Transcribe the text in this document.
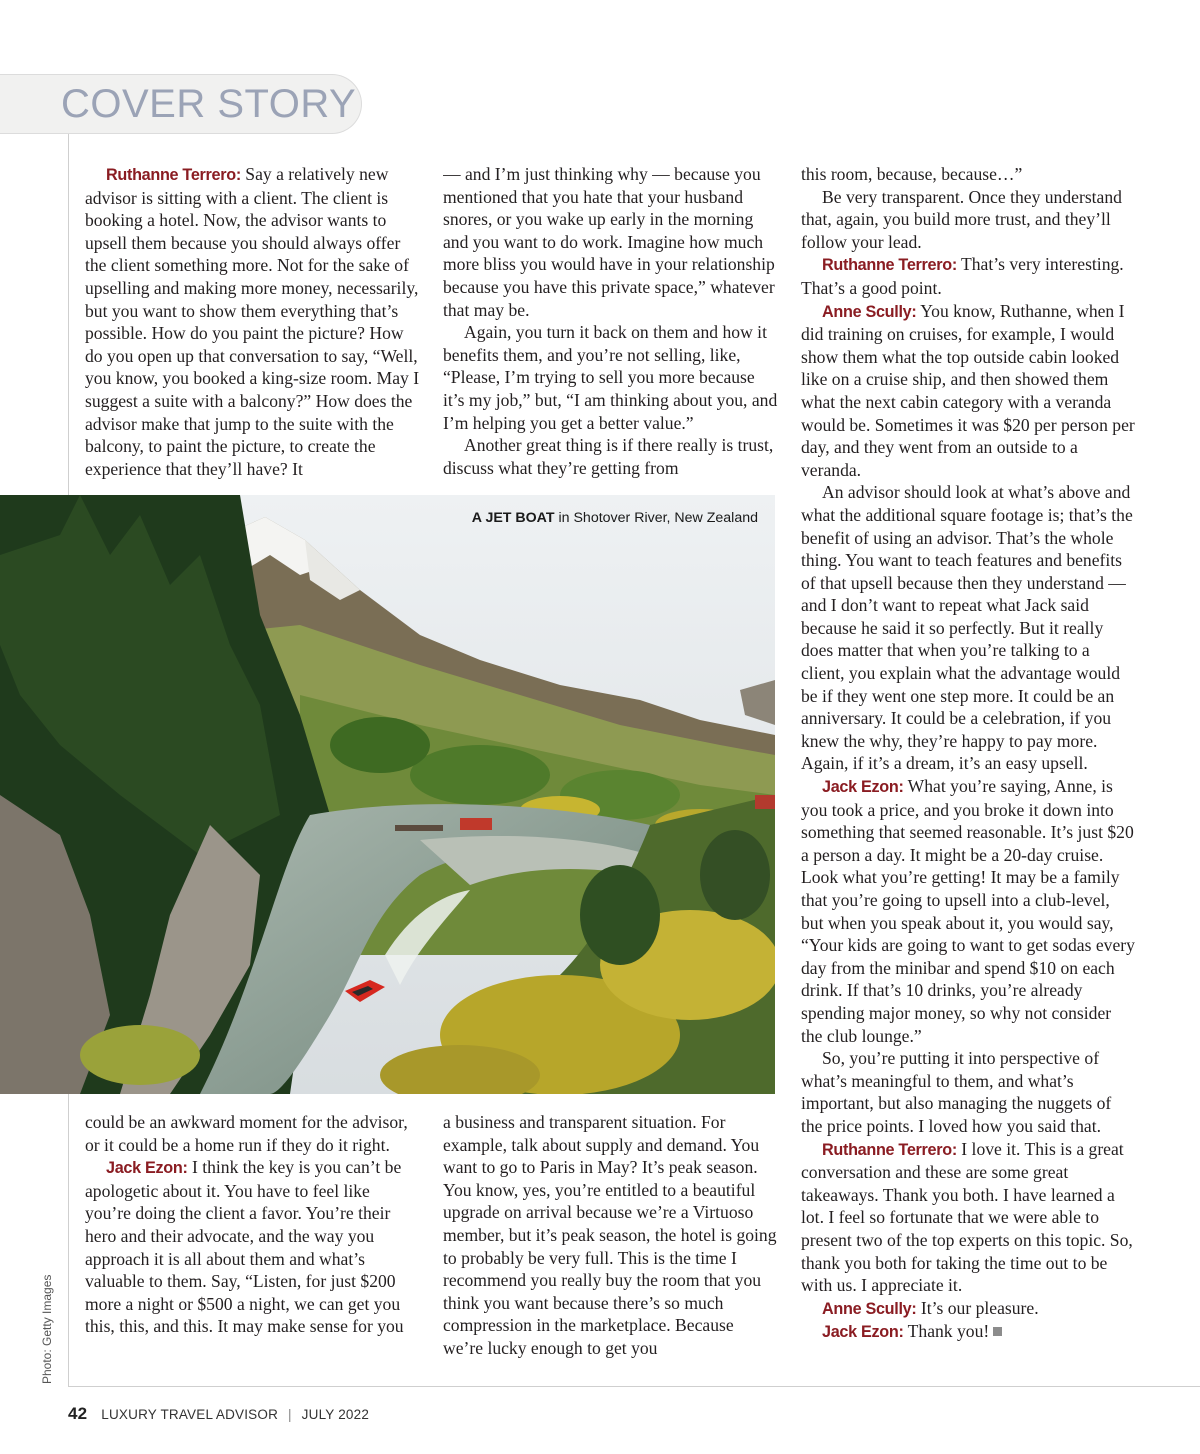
COVER STORY

Ruthanne Terrero: Say a relatively new advisor is sitting with a client. The client is booking a hotel. Now, the advisor wants to upsell them because you should always offer the client something more. Not for the sake of upselling and making more money, necessarily, but you want to show them everything that’s possible. How do you paint the picture? How do you open up that conversation to say, “Well, you know, you booked a king-size room. May I suggest a suite with a balcony?” How does the advisor make that jump to the suite with the balcony, to paint the picture, to create the experience that they’ll have? It

— and I’m just thinking why — because you mentioned that you hate that your husband snores, or you wake up early in the morning and you want to do work. Imagine how much more bliss you would have in your relationship because you have this private space,” whatever that may be.

Again, you turn it back on them and how it benefits them, and you’re not selling, like, “Please, I’m trying to sell you more because it’s my job,” but, “I am thinking about you, and I’m helping you get a better value.”

Another great thing is if there really is trust, discuss what they’re getting from

this room, because, because…”

Be very transparent. Once they understand that, again, you build more trust, and they’ll follow your lead.

Ruthanne Terrero: That’s very interesting. That’s a good point.

Anne Scully: You know, Ruthanne, when I did training on cruises, for example, I would show them what the top outside cabin looked like on a cruise ship, and then showed them what the next cabin category with a veranda would be. Sometimes it was $20 per person per day, and they went from an outside to a veranda.

An advisor should look at what’s above and what the additional square footage is; that’s the benefit of using an advisor. That’s the whole thing. You want to teach features and benefits of that upsell because then they understand — and I don’t want to repeat what Jack said because he said it so perfectly. But it really does matter that when you’re talking to a client, you explain what the advantage would be if they went one step more. It could be an anniversary. It could be a celebration, if you knew the why, they’re happy to pay more. Again, if it’s a dream, it’s an easy upsell.

Jack Ezon: What you’re saying, Anne, is you took a price, and you broke it down into something that seemed reasonable. It’s just $20 a person a day. It might be a 20-day cruise. Look what you’re getting! It may be a family that you’re going to upsell into a club-level, but when you speak about it, you would say, “Your kids are going to want to get sodas every day from the minibar and spend $10 on each drink. If that’s 10 drinks, you’re already spending major money, so why not consider the club lounge.”

So, you’re putting it into perspective of what’s meaningful to them, and what’s important, but also managing the nuggets of the price points. I loved how you said that.

Ruthanne Terrero: I love it. This is a great conversation and these are some great takeaways. Thank you both. I have learned a lot. I feel so fortunate that we were able to present two of the top experts on this topic. So, thank you both for taking the time out to be with us. I appreciate it.

Anne Scully: It’s our pleasure.

Jack Ezon: Thank you!

could be an awkward moment for the advisor, or it could be a home run if they do it right.

Jack Ezon: I think the key is you can’t be apologetic about it. You have to feel like you’re doing the client a favor. You’re their hero and their advocate, and the way you approach it is all about them and what’s valuable to them. Say, “Listen, for just $200 more a night or $500 a night, we can get you this, this, and this. It may make sense for you

a business and transparent situation. For example, talk about supply and demand. You want to go to Paris in May? It’s peak season. You know, yes, you’re entitled to a beautiful upgrade on arrival because we’re a Virtuoso member, but it’s peak season, the hotel is going to probably be very full. This is the time I recommend you really buy the room that you think you want because there’s so much compression in the marketplace. Because we’re lucky enough to get you

A JET BOAT in Shotover River, New Zealand
Photo: Getty Images
42 LUXURY TRAVEL ADVISOR | JULY 2022
